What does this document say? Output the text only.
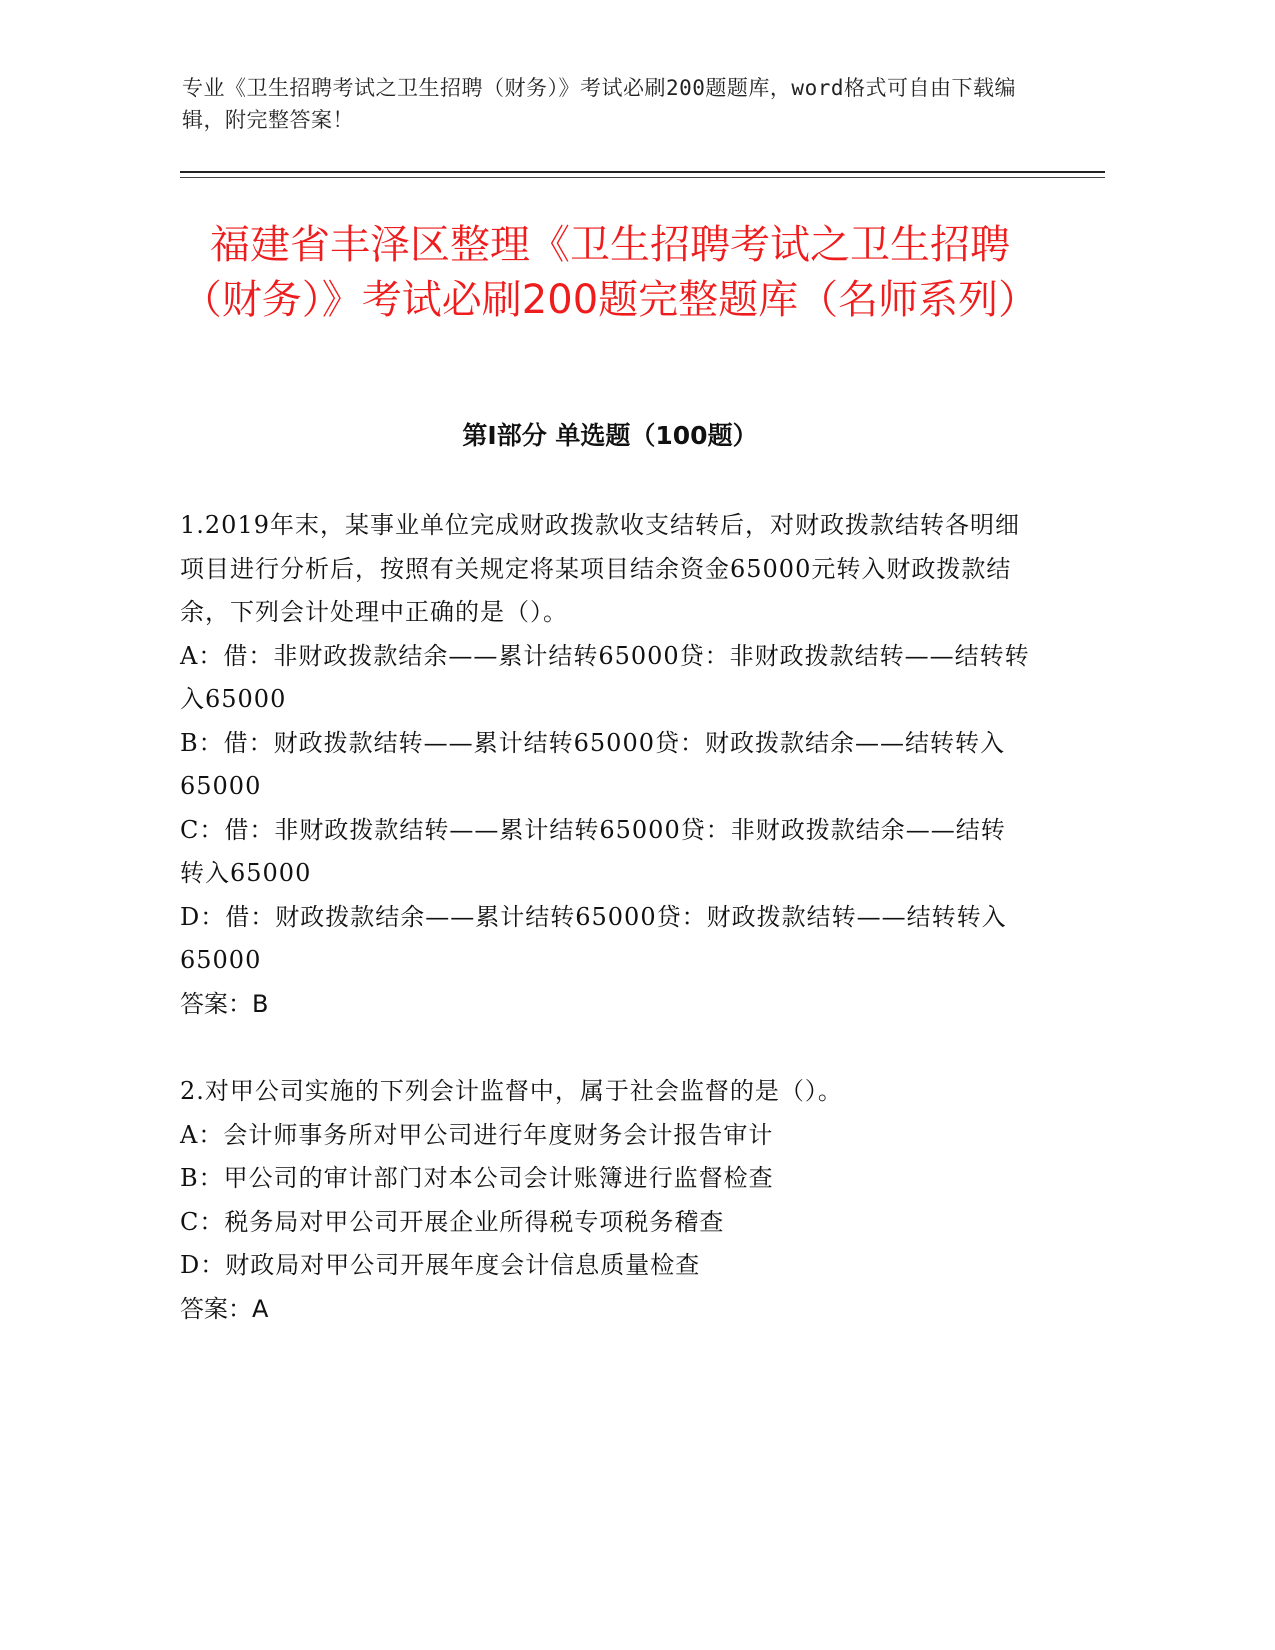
专业《卫生招聘考试之卫生招聘（财务）》考试必刷200题题库，word格式可自由下载编辑，附完整答案！
福建省丰泽区整理《卫生招聘考试之卫生招聘（财务）》考试必刷200题完整题库（名师系列）
第I部分 单选题（100题）

1.2019年末，某事业单位完成财政拨款收支结转后，对财政拨款结转各明细项目进行分析后，按照有关规定将某项目结余资金65000元转入财政拨款结余，下列会计处理中正确的是（）。

A：借：非财政拨款结余——累计结转65000贷：非财政拨款结转——结转转入65000

B：借：财政拨款结转——累计结转65000贷：财政拨款结余——结转转入65000

C：借：非财政拨款结转——累计结转65000贷：非财政拨款结余——结转转入65000

D：借：财政拨款结余——累计结转65000贷：财政拨款结转——结转转入65000

答案：B

2.对甲公司实施的下列会计监督中，属于社会监督的是（）。

A：会计师事务所对甲公司进行年度财务会计报告审计

B：甲公司的审计部门对本公司会计账簿进行监督检查

C：税务局对甲公司开展企业所得税专项税务稽查

D：财政局对甲公司开展年度会计信息质量检查

答案：A
